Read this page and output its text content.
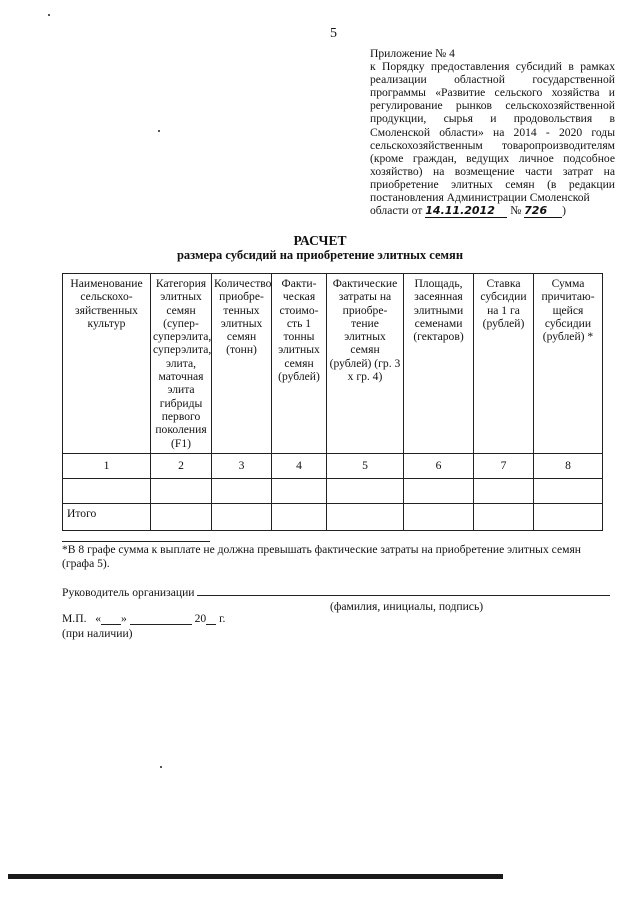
5
Приложение № 4
к Порядку предоставления субсидий в рамках реализации областной государственной программы «Развитие сельского хозяйства и регулирование рынков сельскохозяйственной продукции, сырья и продовольствия в Смоленской области» на 2014 - 2020 годы сельскохозяйственным товаропроизводителям (кроме граждан, ведущих личное подсобное хозяйство) на возмещение части затрат на приобретение элитных семян (в редакции постановления Администрации Смоленской
области от 14.11.2012 № 726 )
РАСЧЕТ
размера субсидий на приобретение элитных семян
Наименование сельскохо-зяйственных культур	Категория элитных семян (супер-суперэлита, суперэлита, элита, маточная элита гибриды первого поколения (F1)	Количество приобре-тенных элитных семян (тонн)	Факти-ческая стоимо-сть 1 тонны элитных семян (рублей)	Фактические затраты на приобре-тение элитных семян (рублей) (гр. 3 х гр. 4)	Площадь, засеянная элитными семенами (гектаров)	Ставка субсидии на 1 га (рублей)	Сумма причитаю-щейся субсидии (рублей) *
1	2	3	4	5	6	7	8

Итого							
*В 8 графе сумма к выплате не должна превышать фактические затраты на приобретение элитных семян (графа 5).
Руководитель организации
(фамилия, инициалы, подпись)
М.П. « »	20 г.
(при наличии)
